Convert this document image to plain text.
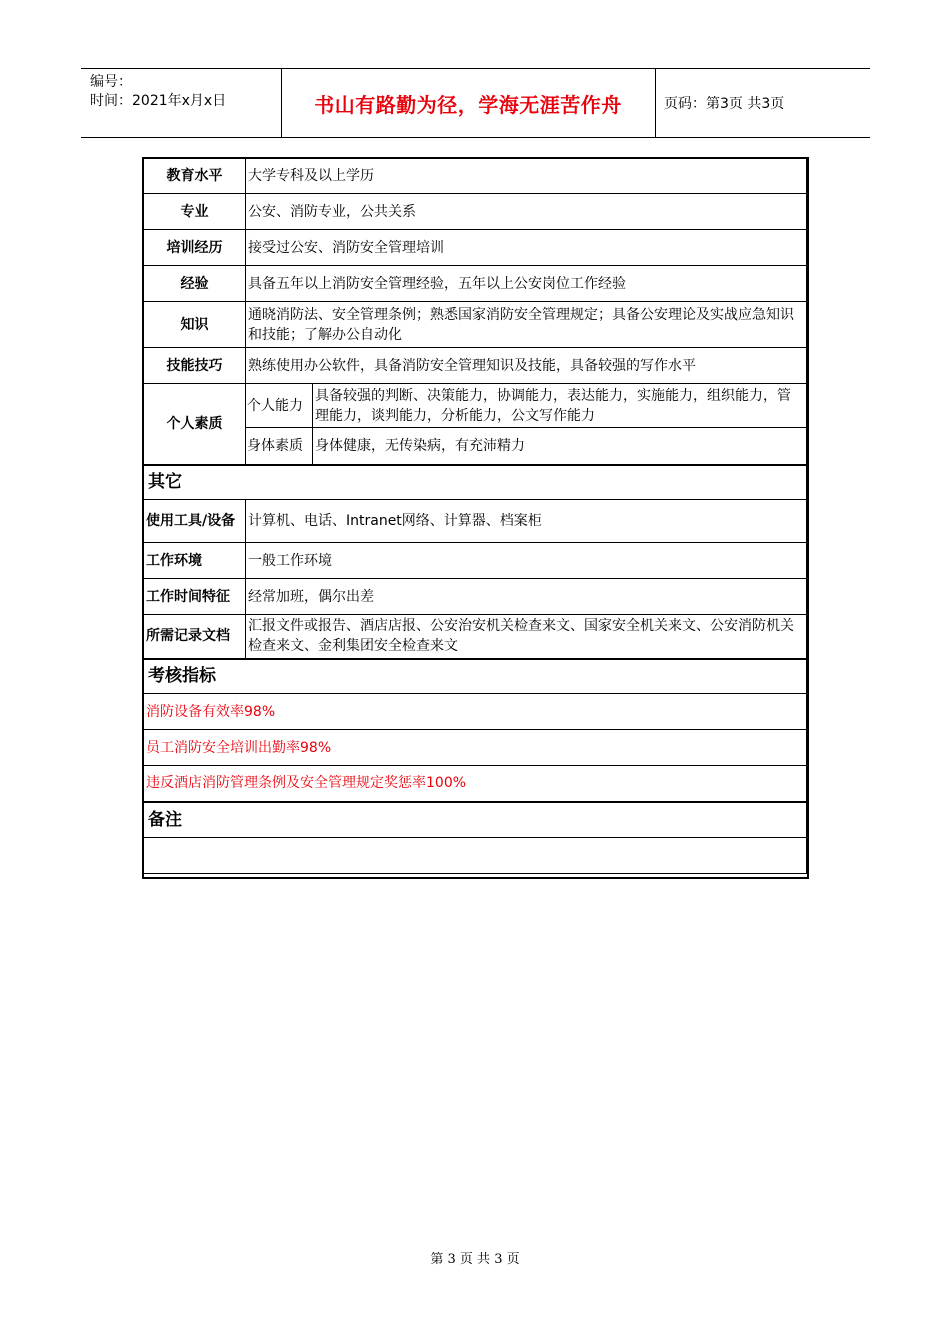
编号：
时间：2021年x月x日	书山有路勤为径，学海无涯苦作舟	页码：第3页 共3页
教育水平	大学专科及以上学历	
专业	公安、消防专业，公共关系	
培训经历	接受过公安、消防安全管理培训	
经验	具备五年以上消防安全管理经验，五年以上公安岗位工作经验	
知识	通晓消防法、安全管理条例；熟悉国家消防安全管理规定；具备公安理论及实战应急知识和技能；了解办公自动化	
技能技巧	熟练使用办公软件，具备消防安全管理知识及技能，具备较强的写作水平	
个人素质	个人能力	具备较强的判断、决策能力，协调能力，表达能力，实施能力，组织能力，管理能力，谈判能力，分析能力，公文写作能力
	身体素质	身体健康，无传染病，有充沛精力
其它		
使用工具/设备	计算机、电话、Intranet网络、计算器、档案柜	
工作环境	一般工作环境	
工作时间特征	经常加班，偶尔出差	
所需记录文档	汇报文件或报告、酒店店报、公安治安机关检查来文、国家安全机关来文、公安消防机关检查来文、金利集团安全检查来文	
考核指标		
消防设备有效率98%		
员工消防安全培训出勤率98%		
违反酒店消防管理条例及安全管理规定奖惩率100%		
备注		

第 3 页 共 3 页
